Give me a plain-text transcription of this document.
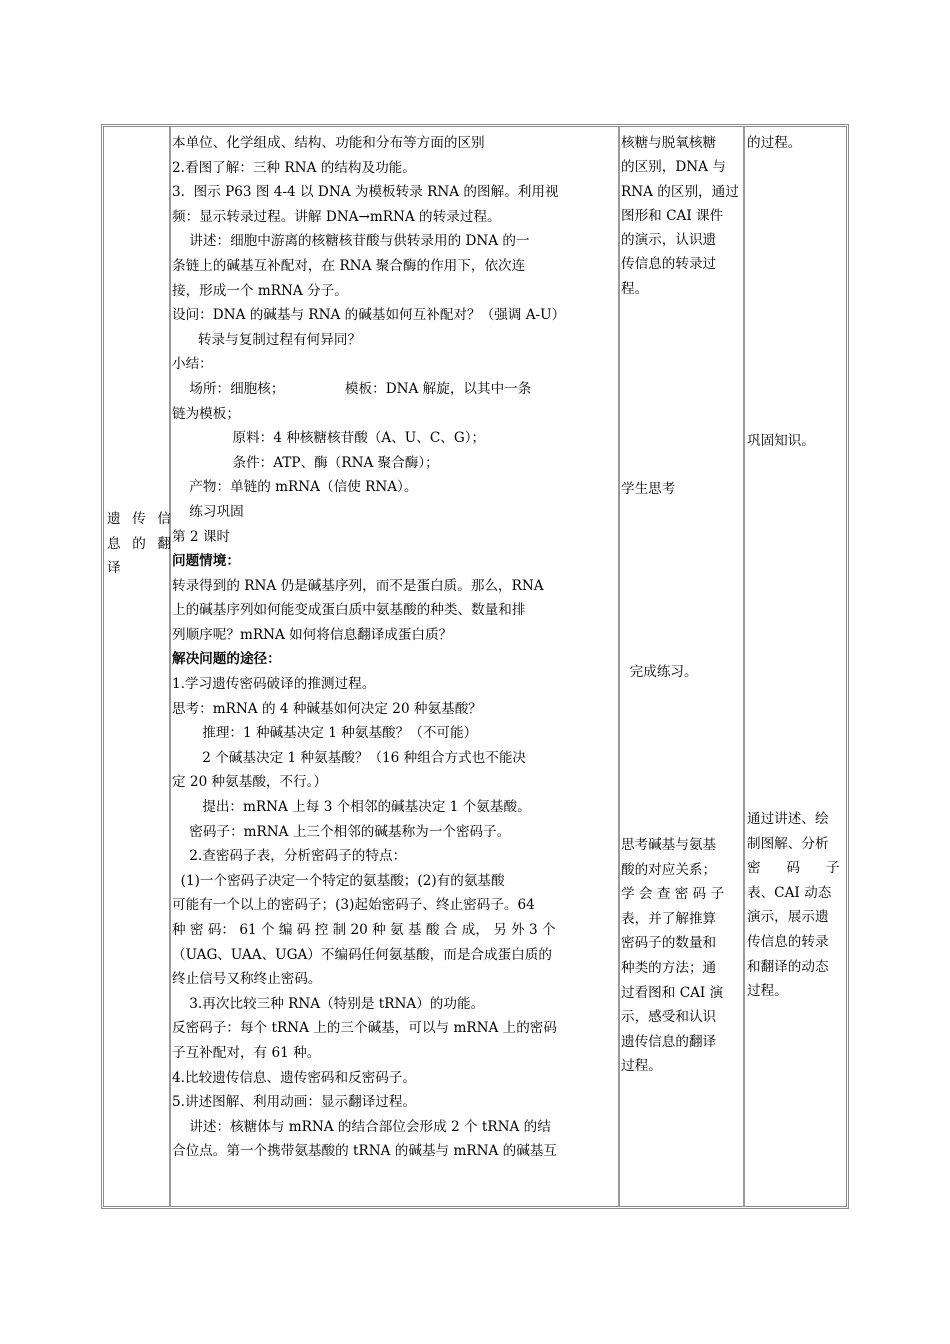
遗 传 信
息 的 翻
译
本单位、化学组成、结构、功能和分布等方面的区别
2.看图了解：三种 RNA 的结构及功能。
3.  图示 P63 图 4-4 以 DNA 为模板转录 RNA 的图解。利用视
频：显示转录过程。讲解 DNA→mRNA 的转录过程。
讲述：细胞中游离的核糖核苷酸与供转录用的 DNA 的一
条链上的碱基互补配对，在 RNA 聚合酶的作用下，依次连
接，形成一个 mRNA 分子。
设问：DNA 的碱基与 RNA 的碱基如何互补配对？（强调 A-U）
转录与复制过程有何异同？
小结：
场所：细胞核；              模板：DNA 解旋，以其中一条
链为模板；
原料：4 种核糖核苷酸（A、U、C、G）；
条件：ATP、酶（RNA 聚合酶）；
产物：单链的 mRNA（信使 RNA）。
练习巩固
第 2 课时
问题情境：
转录得到的 RNA 仍是碱基序列，而不是蛋白质。那么，RNA
上的碱基序列如何能变成蛋白质中氨基酸的种类、数量和排
列顺序呢？mRNA 如何将信息翻译成蛋白质？
解决问题的途径：
1.学习遗传密码破译的推测过程。
思考：mRNA 的 4 种碱基如何决定 20 种氨基酸？
推理：1 种碱基决定 1 种氨基酸？（不可能）
2 个碱基决定 1 种氨基酸？（16 种组合方式也不能决
定 20 种氨基酸，不行。）
提出：mRNA 上每 3 个相邻的碱基决定 1 个氨基酸。
密码子：mRNA 上三个相邻的碱基称为一个密码子。
2.查密码子表，分析密码子的特点：
(1)一个密码子决定一个特定的氨基酸；(2)有的氨基酸
可能有一个以上的密码子；(3)起始密码子、终止密码子。64
种 密 码： 61 个 编 码 控 制 20 种 氨 基 酸 合 成， 另 外 3 个
（UAG、UAA、UGA）不编码任何氨基酸，而是合成蛋白质的
终止信号又称终止密码。
3.再次比较三种 RNA（特别是 tRNA）的功能。
反密码子：每个 tRNA 上的三个碱基，可以与 mRNA 上的密码
子互补配对，有 61 种。
4.比较遗传信息、遗传密码和反密码子。
5.讲述图解、利用动画：显示翻译过程。
讲述：核糖体与 mRNA 的结合部位会形成 2 个 tRNA 的结
合位点。第一个携带氨基酸的 tRNA 的碱基与 mRNA 的碱基互
核糖与脱氧核糖
的区别，DNA 与
RNA 的区别，通过
图形和 CAI 课件
的演示，认识遗
传信息的转录过
程。
学生思考
完成练习。
思考碱基与氨基
酸的对应关系；
学 会 查 密 码 子
表，并了解推算
密码子的数量和
种类的方法；通
过看图和 CAI 演
示，感受和认识
遗传信息的翻译
过程。
的过程。
巩固知识。
通过讲述、绘
制图解、分析
密      码      子
表、CAI 动态
演示，展示遗
传信息的转录
和翻译的动态
过程。
